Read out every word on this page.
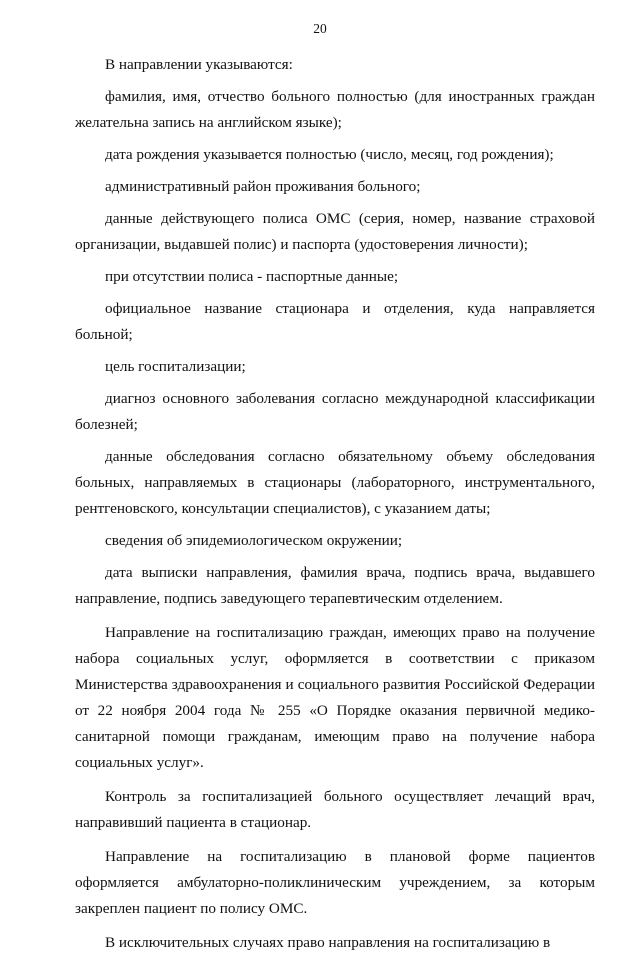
20

В направлении указываются:

фамилия, имя, отчество больного полностью (для иностранных граждан желательна запись на английском языке);

дата рождения указывается полностью (число, месяц, год рождения);

административный район проживания больного;

данные действующего полиса ОМС (серия, номер, название страховой организации, выдавшей полис) и паспорта (удостоверения личности);

при отсутствии полиса - паспортные данные;

официальное название стационара и отделения, куда направляется больной;

цель госпитализации;

диагноз основного заболевания согласно международной классификации болезней;

данные обследования согласно обязательному объему обследования больных, направляемых в стационары (лабораторного, инструментального, рентгеновского, консультации специалистов), с указанием даты;

сведения об эпидемиологическом окружении;

дата выписки направления, фамилия врача, подпись врача, выдавшего направление, подпись заведующего терапевтическим отделением.

Направление на госпитализацию граждан, имеющих право на получение набора социальных услуг, оформляется в соответствии с приказом Министерства здравоохранения и социального развития Российской Федерации от 22 ноября 2004 года № 255 «О Порядке оказания первичной медико-санитарной помощи гражданам, имеющим право на получение набора социальных услуг».

Контроль за госпитализацией больного осуществляет лечащий врач, направивший пациента в стационар.

Направление на госпитализацию в плановой форме пациентов оформляется амбулаторно-поликлиническим учреждением, за которым закреплен пациент по полису ОМС.

В исключительных случаях право направления на госпитализацию в
